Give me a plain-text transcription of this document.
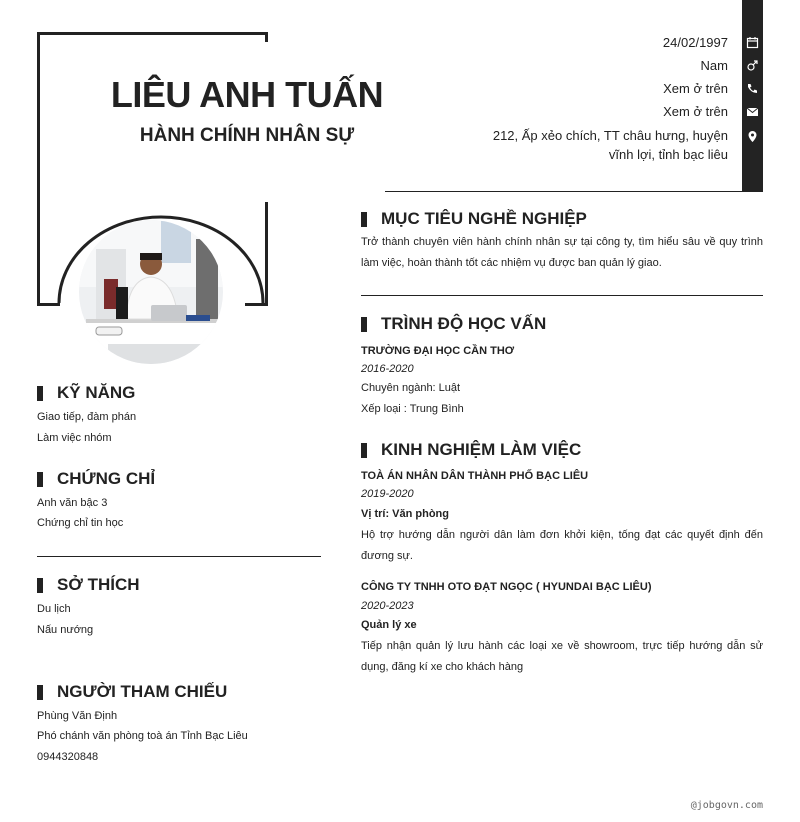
LIÊU ANH TUẤN
HÀNH CHÍNH NHÂN SỰ
24/02/1997
Nam
Xem ở trên
Xem ở trên
212, Ấp xẻo chích, TT châu hưng, huyện
vĩnh lợi, tỉnh bạc liêu
KỸ NĂNG
Giao tiếp, đàm phán
Làm việc nhóm
CHỨNG CHỈ
Anh văn bậc 3
Chứng chỉ tin học
SỞ THÍCH
Du lịch
Nấu nướng
NGƯỜI THAM CHIẾU
Phùng Văn Định
Phó chánh văn phòng toà án Tỉnh Bạc Liêu
0944320848
MỤC TIÊU NGHỀ NGHIỆP
Trở thành chuyên viên hành chính nhân sự tại công ty, tìm hiểu sâu về quy trình làm việc, hoàn thành tốt các nhiệm vụ được ban quản lý giao.
TRÌNH ĐỘ HỌC VẤN
TRƯỜNG ĐẠI HỌC CẦN THƠ
2016-2020
Chuyên ngành: Luật
Xếp loại : Trung Bình
KINH NGHIỆM LÀM VIỆC
TOÀ ÁN NHÂN DÂN THÀNH PHỐ BẠC LIÊU
2019-2020
Vị trí: Văn phòng
Hộ trợ hướng dẫn người dân làm đơn khởi kiện, tống đạt các quyết định đến đương sự.
CÔNG TY TNHH OTO ĐẠT NGỌC ( HYUNDAI BẠC LIÊU)
2020-2023
Quản lý xe
Tiếp nhận quản lý lưu hành các loại xe về showroom, trực tiếp hướng dẫn sử dụng, đăng kí xe cho khách hàng
@jobgovn.com
